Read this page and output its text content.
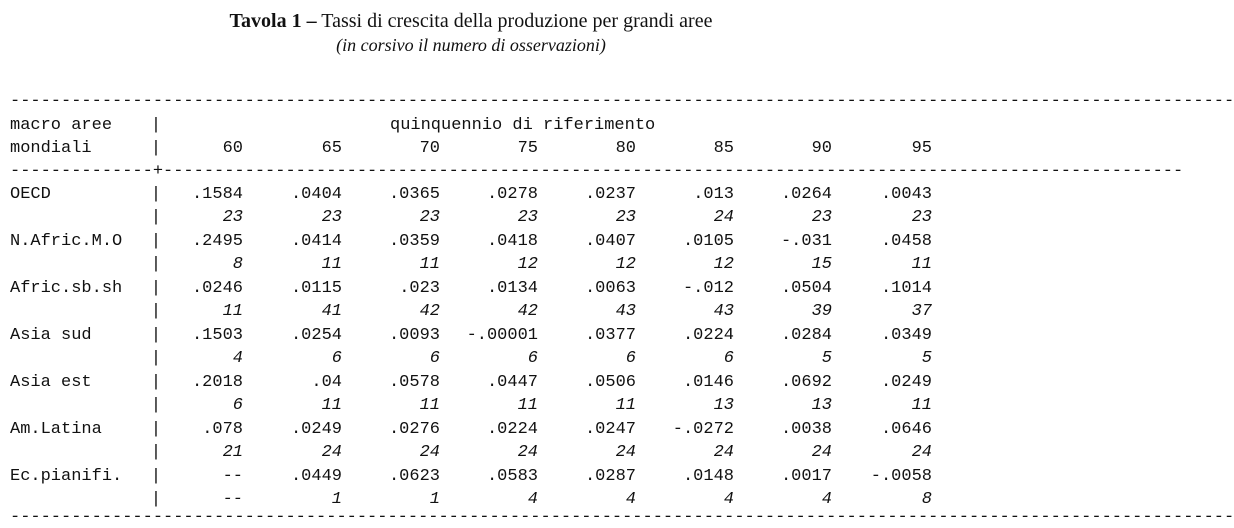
Tavola 1 – Tassi di crescita della produzione per grandi aree
(in corsivo il numero di osservazioni)
------------------------------------------------------------------------------------------------------------------------
macro aree |	quinquennio di riferimento
mondiali	|	60	65	70	75	80	85	90	95
--------------+----------------------------------------------------------------------------------------------------
OECD	|	.1584	.0404	.0365	.0278	.0237	.013	.0264	.0043
|	23	23	23	23	23	24	23	23
N.Afric.M.O |	.2495	.0414	.0359	.0418	.0407	.0105	-.031	.0458
|	8	11	11	12	12	12	15	11
Afric.sb.sh |	.0246	.0115	.023	.0134	.0063	-.012	.0504	.1014
|	11	41	42	42	43	43	39	37
Asia sud	|	.1503	.0254	.0093	-.00001	.0377	.0224	.0284	.0349
|	4	6	6	6	6	6	5	5
Asia est	|	.2018	.04	.0578	.0447	.0506	.0146	.0692	.0249
|	6	11	11	11	11	13	13	11
Am.Latina	|	.078	.0249	.0276	.0224	.0247	-.0272	.0038	.0646
|	21	24	24	24	24	24	24	24
Ec.pianifi. |	--	.0449	.0623	.0583	.0287	.0148	.0017	-.0058
|	--	1	1	4	4	4	4	8
------------------------------------------------------------------------------------------------------------------------
